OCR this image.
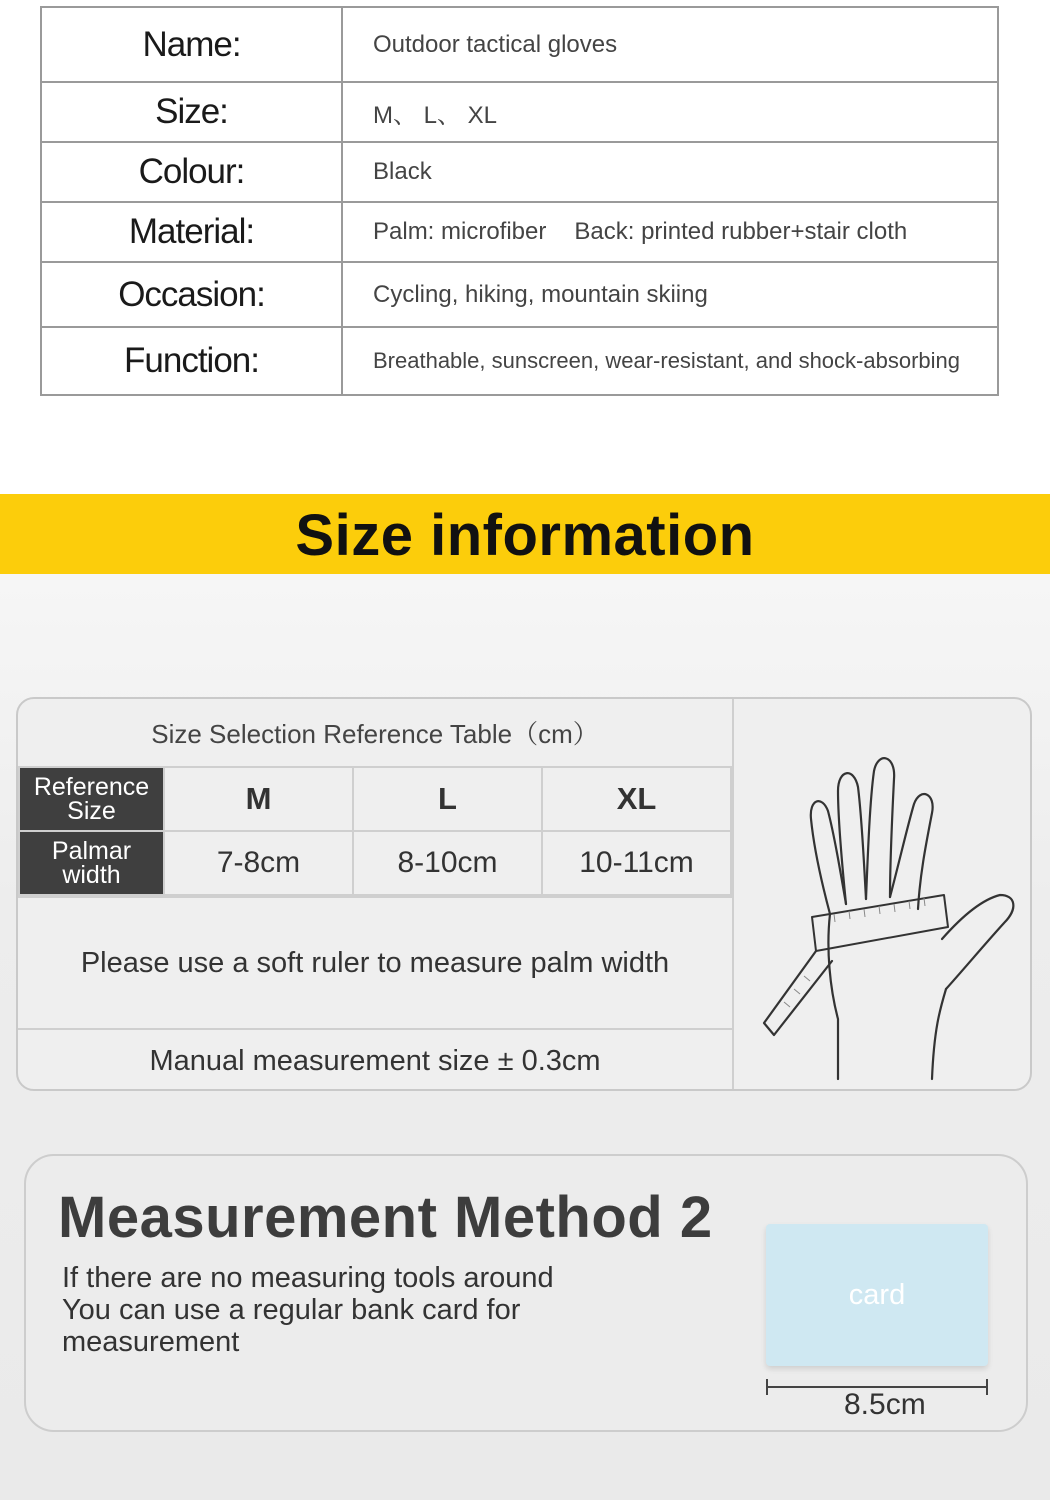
Name:	Outdoor tactical gloves
Size:	M、 L、 XL
Colour:	Black
Material:	Palm: microfiber Back: printed rubber+stair cloth
Occasion:	Cycling, hiking, mountain skiing
Function:	Breathable, sunscreen, wear-resistant, and shock-absorbing
Size information
Size Selection Reference Table（cm）
Reference Size	M	L	XL
Palmar width	7-8cm	8-10cm	10-11cm
Please use a soft ruler to measure palm width
Manual measurement size ± 0.3cm
Measurement Method 2
If there are no measuring tools around You can use a regular bank card for measurement
card
8.5cm
